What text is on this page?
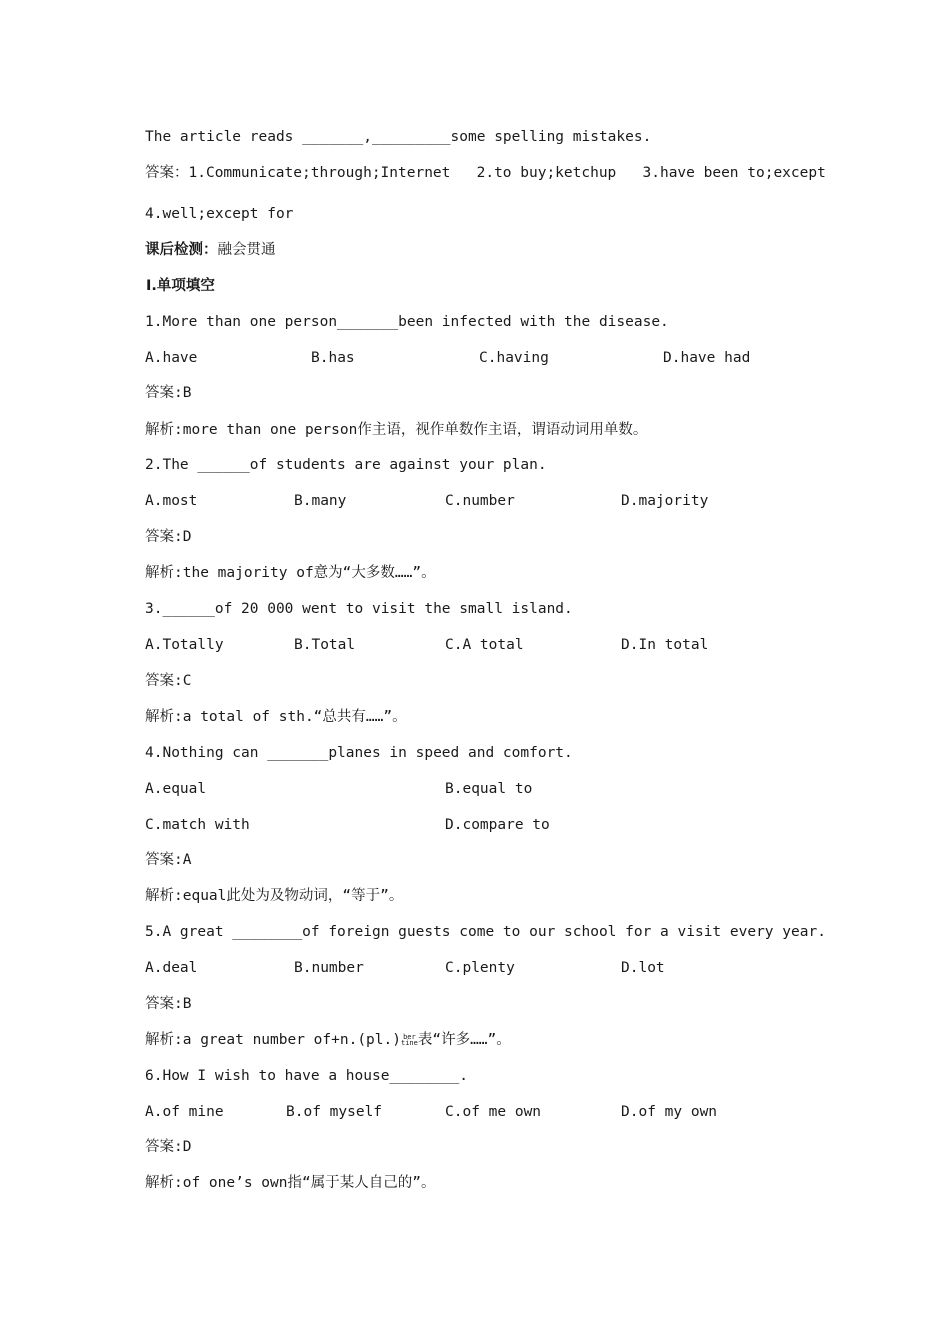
The article reads _______,_________some spelling mistakes.
答案：1.Communicate;through;Internet 2.to buy;ketchup 3.have been to;except
4.well;except for
课后检测：融会贯通
Ⅰ.单项填空
1.More than one person_______been infected with the disease.
A.have	B.has	C.having	D.have had
答案:B
解析:more than one person作主语，视作单数作主语，谓语动词用单数。
2.The ______of students are against your plan.
A.most	B.many	C.number	D.majority
答案:D
解析:the majority of意为“大多数……”。
3.______of 20 000 went to visit the small island.
A.Totally	B.Total	C.A total	D.In total
答案:C
解析:a total of sth.“总共有……”。
4.Nothing can _______planes in speed and comfort.
A.equal	B.equal to
C.match with	D.compare to
答案:A
解析:equal此处为及物动词，“等于”。
5.A great ________of foreign guests come to our school for a visit every year.
A.deal	B.number	C.plenty	D.lot
答案:B
解析:a great number of+n.(pl.) ber
tine 表“许多……”。
6.How I wish to have a house________.
A.of mine	B.of myself	C.of me own	D.of my own
答案:D
解析:of one’s own指“属于某人自己的”。
